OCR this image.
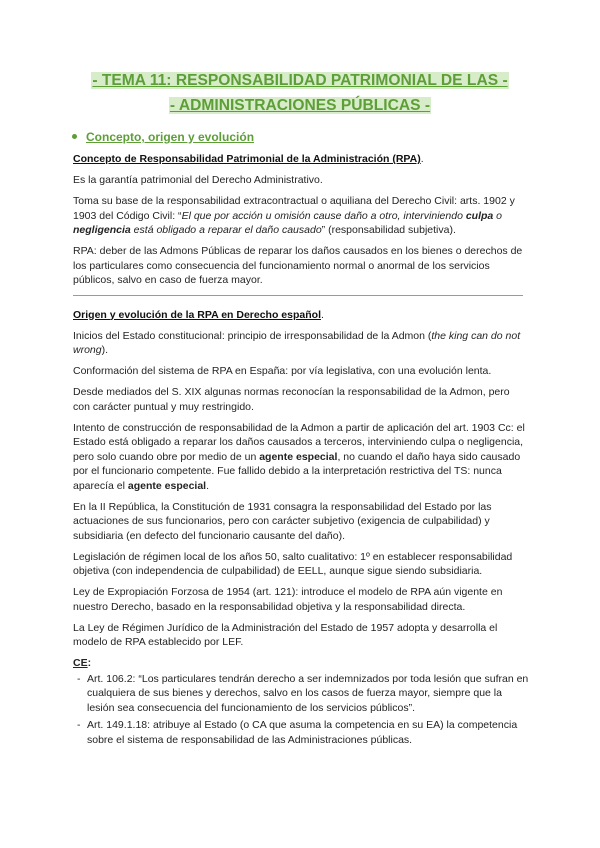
- TEMA 11: RESPONSABILIDAD PATRIMONIAL DE LAS -
- ADMINISTRACIONES PÚBLICAS -
Concepto, origen y evolución

Concepto de Responsabilidad Patrimonial de la Administración (RPA).

Es la garantía patrimonial del Derecho Administrativo.

Toma su base de la responsabilidad extracontractual o aquiliana del Derecho Civil: arts. 1902 y 1903 del Código Civil: “El que por acción u omisión cause daño a otro, interviniendo culpa o negligencia está obligado a reparar el daño causado” (responsabilidad subjetiva).

RPA: deber de las Admons Públicas de reparar los daños causados en los bienes o derechos de los particulares como consecuencia del funcionamiento normal o anormal de los servicios públicos, salvo en caso de fuerza mayor.

Origen y evolución de la RPA en Derecho español.

Inicios del Estado constitucional: principio de irresponsabilidad de la Admon (the king can do not wrong).

Conformación del sistema de RPA en España: por vía legislativa, con una evolución lenta.

Desde mediados del S. XIX algunas normas reconocían la responsabilidad de la Admon, pero con carácter puntual y muy restringido.

Intento de construcción de responsabilidad de la Admon a partir de aplicación del art. 1903 Cc: el Estado está obligado a reparar los daños causados a terceros, interviniendo culpa o negligencia, pero solo cuando obre por medio de un agente especial, no cuando el daño haya sido causado por el funcionario competente. Fue fallido debido a la interpretación restrictiva del TS: nunca aparecía el agente especial.

En la II República, la Constitución de 1931 consagra la responsabilidad del Estado por las actuaciones de sus funcionarios, pero con carácter subjetivo (exigencia de culpabilidad) y subsidiaria (en defecto del funcionario causante del daño).

Legislación de régimen local de los años 50, salto cualitativo: 1º en establecer responsabilidad objetiva (con independencia de culpabilidad) de EELL, aunque sigue siendo subsidiaria.

Ley de Expropiación Forzosa de 1954 (art. 121): introduce el modelo de RPA aún vigente en nuestro Derecho, basado en la responsabilidad objetiva y la responsabilidad directa.

La Ley de Régimen Jurídico de la Administración del Estado de 1957 adopta y desarrolla el modelo de RPA establecido por LEF.

CE:

- Art. 106.2: “Los particulares tendrán derecho a ser indemnizados por toda lesión que sufran en cualquiera de sus bienes y derechos, salvo en los casos de fuerza mayor, siempre que la lesión sea consecuencia del funcionamiento de los servicios públicos”.
- Art. 149.1.18: atribuye al Estado (o CA que asuma la competencia en su EA) la competencia sobre el sistema de responsabilidad de las Administraciones públicas.
